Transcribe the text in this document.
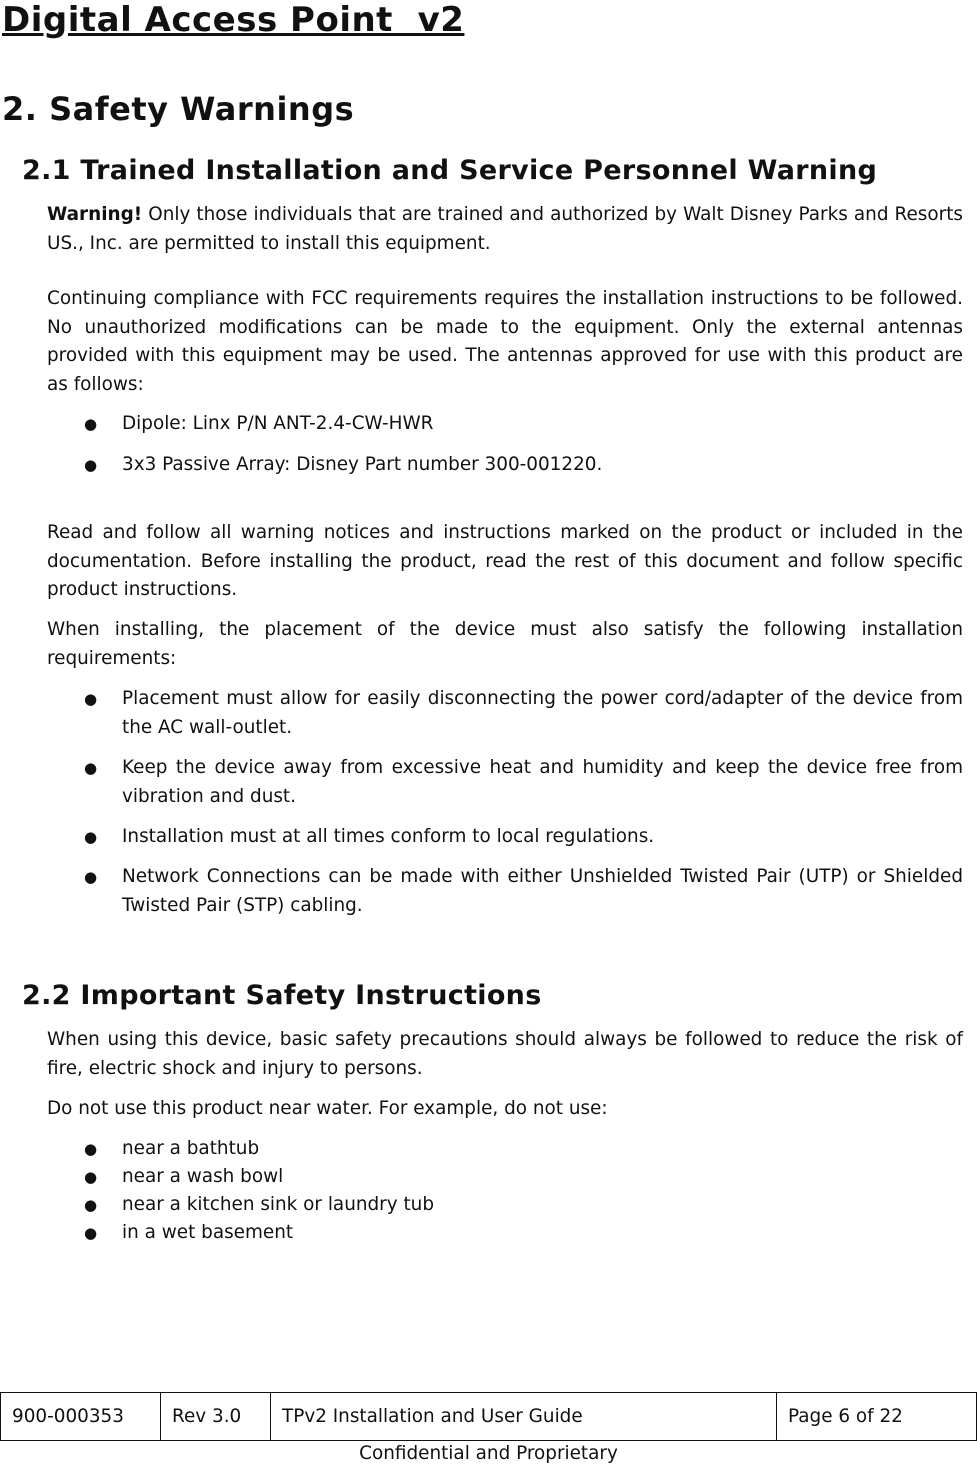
Digital Access Point  v2
2. Safety Warnings
2.1 Trained Installation and Service Personnel Warning

Warning! Only those individuals that are trained and authorized by Walt Disney Parks and Resorts US., Inc. are permitted to install this equipment.

Continuing compliance with FCC requirements requires the installation instructions to be followed. No unauthorized modifications can be made to the equipment. Only the external antennas provided with this equipment may be used. The antennas approved for use with this product are as follows:

● Dipole: Linx P/N ANT-2.4-CW-HWR

● 3x3 Passive Array: Disney Part number 300-001220.

Read and follow all warning notices and instructions marked on the product or included in the documentation. Before installing the product, read the rest of this document and follow specific product instructions.

When installing, the placement of the device must also satisfy the following installation requirements:

● Placement must allow for easily disconnecting the power cord/adapter of the device from the AC wall-outlet.

● Keep the device away from excessive heat and humidity and keep the device free from vibration and dust.

● Installation must at all times conform to local regulations.

● Network Connections can be made with either Unshielded Twisted Pair (UTP) or Shielded Twisted Pair (STP) cabling.

2.2 Important Safety Instructions

When using this device, basic safety precautions should always be followed to reduce the risk of fire, electric shock and injury to persons.

Do not use this product near water. For example, do not use:

● near a bathtub

● near a wash bowl

● near a kitchen sink or laundry tub

● in a wet basement

900-000353	Rev 3.0	TPv2 Installation and User Guide	Page 6 of 22

Confidential and Proprietary
